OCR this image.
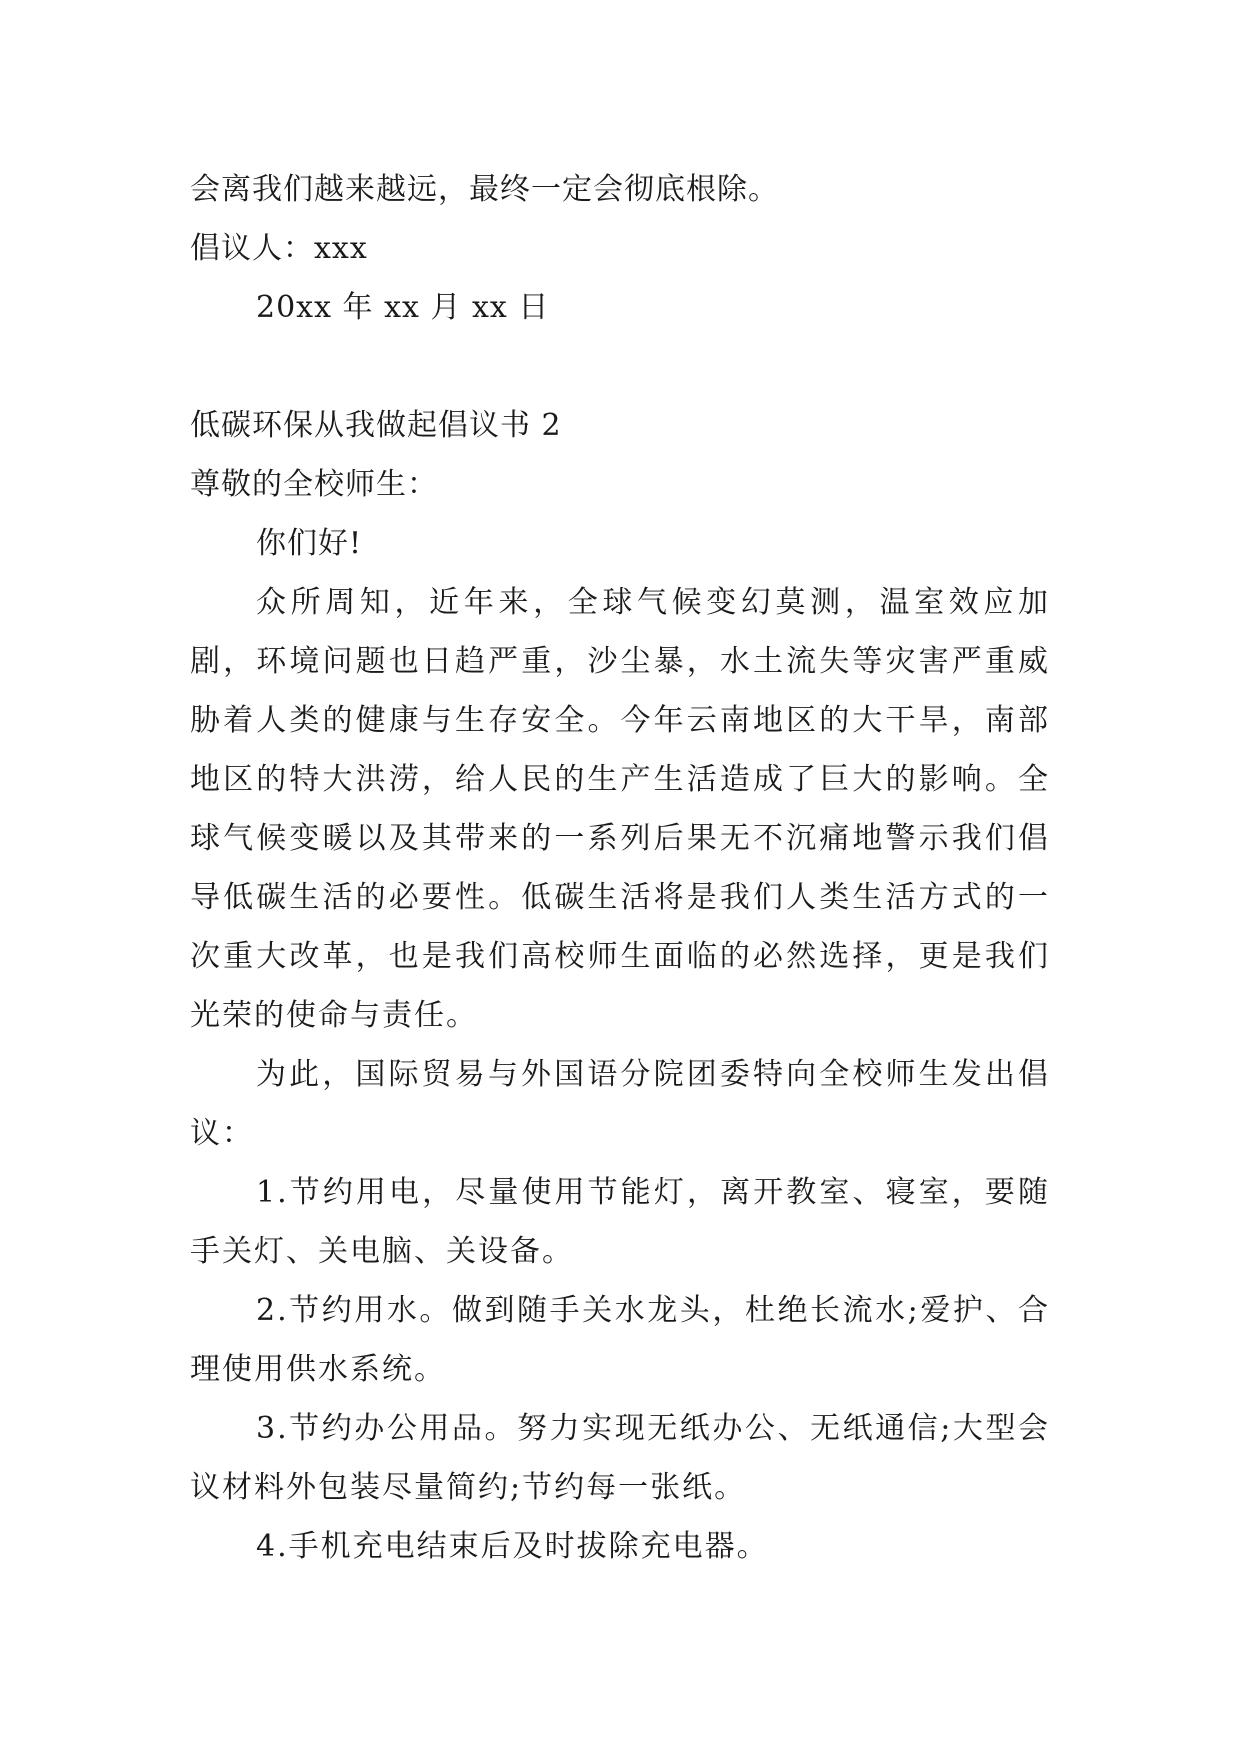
会离我们越来越远，最终一定会彻底根除。
倡议人：xxx
20xx 年 xx 月 xx 日
低碳环保从我做起倡议书 2
尊敬的全校师生：
你们好!

众所周知，近年来，全球气候变幻莫测，温室效应加剧，环境问题也日趋严重，沙尘暴，水土流失等灾害严重威胁着人类的健康与生存安全。今年云南地区的大干旱，南部地区的特大洪涝，给人民的生产生活造成了巨大的影响。全球气候变暖以及其带来的一系列后果无不沉痛地警示我们倡导低碳生活的必要性。低碳生活将是我们人类生活方式的一次重大改革，也是我们高校师生面临的必然选择，更是我们光荣的使命与责任。

为此，国际贸易与外国语分院团委特向全校师生发出倡议：

1.节约用电，尽量使用节能灯，离开教室、寝室，要随手关灯、关电脑、关设备。

2.节约用水。做到随手关水龙头，杜绝长流水;爱护、合理使用供水系统。

3.节约办公用品。努力实现无纸办公、无纸通信;大型会议材料外包装尽量简约;节约每一张纸。

4.手机充电结束后及时拔除充电器。
